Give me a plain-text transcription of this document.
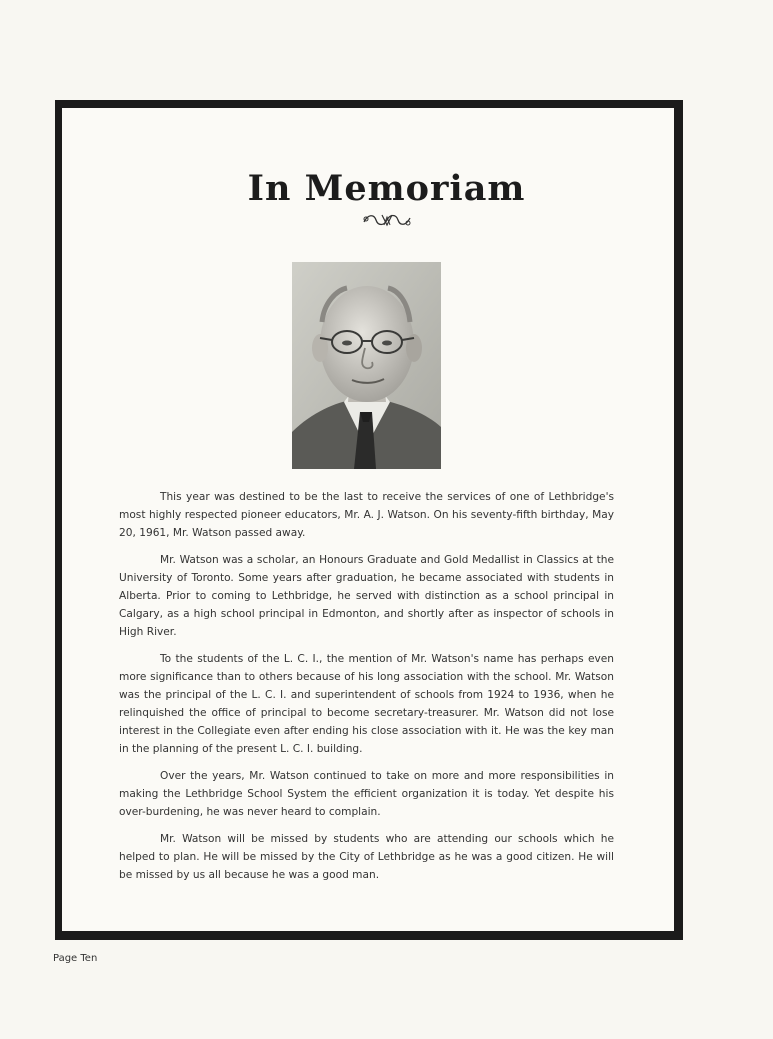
In Memoriam

This year was destined to be the last to receive the services of one of Lethbridge's most highly respected pioneer educators, Mr. A. J. Watson. On his seventy-fifth birthday, May 20, 1961, Mr. Watson passed away.

Mr. Watson was a scholar, an Honours Graduate and Gold Medallist in Classics at the University of Toronto. Some years after graduation, he became associated with students in Alberta. Prior to coming to Lethbridge, he served with distinction as a school principal in Calgary, as a high school principal in Edmonton, and shortly after as inspector of schools in High River.

To the students of the L. C. I., the mention of Mr. Watson's name has perhaps even more significance than to others because of his long association with the school. Mr. Watson was the principal of the L. C. I. and superintendent of schools from 1924 to 1936, when he relinquished the office of principal to become secretary-treasurer. Mr. Watson did not lose interest in the Collegiate even after ending his close association with it. He was the key man in the planning of the present L. C. I. building.

Over the years, Mr. Watson continued to take on more and more responsibilities in making the Lethbridge School System the efficient organization it is today. Yet despite his over-burdening, he was never heard to complain.

Mr. Watson will be missed by students who are attending our schools which he helped to plan. He will be missed by the City of Lethbridge as he was a good citizen. He will be missed by us all because he was a good man.

Page Ten
